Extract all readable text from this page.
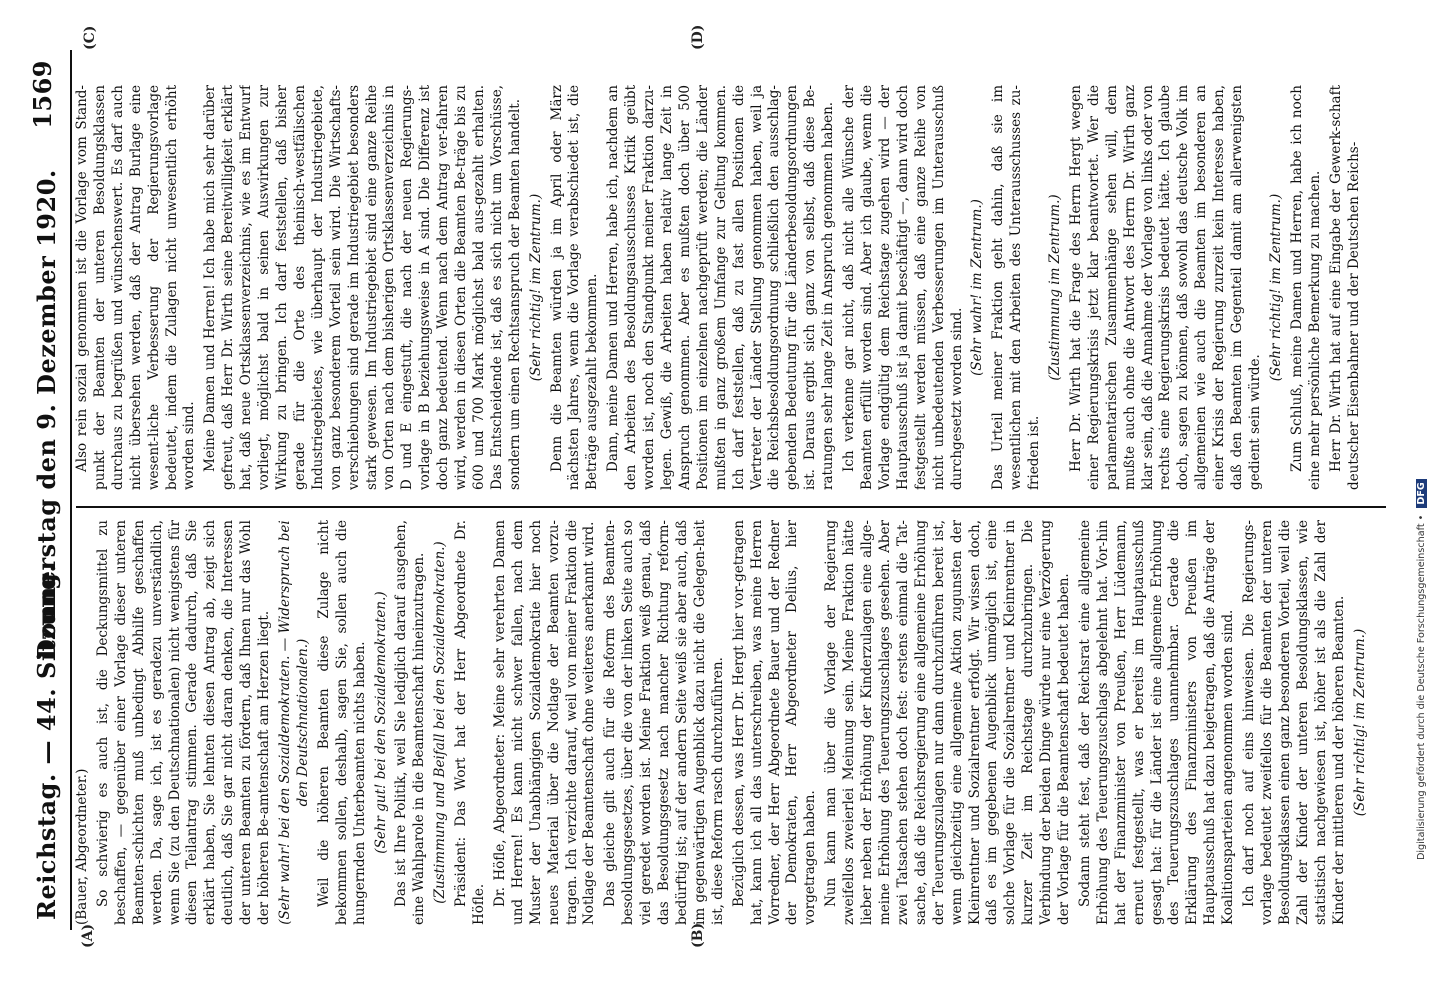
Reichstag. — 44. Sitzung.
Donnerstag den 9. Dezember 1920.
1569
(A)	(B)
(C)	(D)

(Bauer, Abgeordneter.) So schwierig es auch ist, die Deckungsmittel zu beschaffen, — gegenüber einer Vorlage dieser unteren Beamten-schichten muß unbedingt Abhilfe geschaffen werden. Da, sage ich, ist es geradezu unverständlich, wenn Sie (zu den Deutschnationalen) nicht wenigstens für diesen Teilantrag stimmen. Gerade dadurch, daß Sie erklärt haben, Sie lehnten diesen Antrag ab, zeigt sich deutlich, daß Sie gar nicht daran denken, die Interessen der unteren Beamten zu fördern, daß Ihnen nur das Wohl der höheren Be-amtenschaft am Herzen liegt. (Sehr wahr! bei den Sozialdemokraten. — Widerspruch bei den Deutschnationalen.) Weil die höheren Beamten diese Zulage nicht bekommen sollen, deshalb, sagen Sie, sollen auch die hungernden Unterbeamten nichts haben. (Sehr gut! bei den Sozialdemokraten.) Das ist Ihre Politik, weil Sie lediglich darauf ausgehen, eine Wahlparole in die Beamtenschaft hineinzutragen. (Zustimmung und Beifall bei den Sozialdemokraten.) Präsident: Das Wort hat der Herr Abgeordnete Dr. Höfle. Dr. Höfle, Abgeordneter: Meine sehr verehrten Damen und Herren! Es kann nicht schwer fallen, nach dem Muster der Unabhängigen Sozialdemokratie hier noch neues Material über die Notlage der Beamten vorzu-tragen. Ich verzichte darauf, weil von meiner Fraktion die Notlage der Beamtenschaft ohne weiteres anerkannt wird. Das gleiche gilt auch für die Reform des Beamten-besoldungsgesetzes, über die von der linken Seite auch so viel geredet worden ist. Meine Fraktion weiß genau, daß das Besoldungsgesetz nach mancher Richtung reform-bedürftig ist; auf der andern Seite weiß sie aber auch, daß im gegenwärtigen Augenblick dazu nicht die Gelegen-heit ist, diese Reform rasch durchzuführen. Bezüglich dessen, was Herr Dr. Hergt hier vor-getragen hat, kann ich all das unterschreiben, was meine Herren Vorredner, der Herr Abgeordnete Bauer und der Redner der Demokraten, Herr Abgeordneter Delius, hier vorgetragen haben. Nun kann man über die Vorlage der Regierung zweifellos zweierlei Meinung sein. Meine Fraktion hätte lieber neben der Erhöhung der Kinderzulagen eine allge-meine Erhöhung des Teuerungszuschlages gesehen. Aber zwei Tatsachen stehen doch fest: erstens einmal die Tat-sache, daß die Reichsregierung eine allgemeine Erhöhung der Teuerungszulagen nur dann durchzuführen bereit ist, wenn gleichzeitig eine allgemeine Aktion zugunsten der Kleinrentner und Sozialrentner erfolgt. Wir wissen doch, daß es im gegebenen Augenblick unmöglich ist, eine solche Vorlage für die Sozialrentner und Kleinrentner in kurzer Zeit im Reichstage durchzubringen. Die Verbindung der beiden Dinge würde nur eine Verzögerung der Vorlage für die Beamtenschaft bedeutet haben. Sodann steht fest, daß der Reichsrat eine allgemeine Erhöhung des Teuerungszuschlags abgelehnt hat. Vor-hin hat der Finanzminister von Preußen, Herr Lüdemann, erneut festgestellt, was er bereits im Hauptausschuß gesagt hat: für die Länder ist eine allgemeine Erhöhung des Teuerungszuschlages unannehmbar. Gerade die Erklärung des Finanzministers von Preußen im Hauptausschuß hat dazu beigetragen, daß die Anträge der Koalitionsparteien angenommen worden sind. Ich darf noch auf eins hinweisen. Die Regierungs-vorlage bedeutet zweifellos für die Beamten der unteren Besoldungsklassen einen ganz besonderen Vorteil, weil die Zahl der Kinder der unteren Besoldungsklassen, wie statistisch nachgewiesen ist, höher ist als die Zahl der Kinder der mittleren und der höheren Beamten. (Sehr richtig! im Zentrum.)

Also rein sozial genommen ist die Vorlage vom Stand-punkt der Beamten der unteren Besoldungsklassen durchaus zu begrüßen und wünschenswert. Es darf auch nicht übersehen werden, daß der Antrag Burlage eine wesent-liche Verbesserung der Regierungsvorlage bedeutet, indem die Zulagen nicht unwesentlich erhöht worden sind. Meine Damen und Herren! Ich habe mich sehr darüber gefreut, daß Herr Dr. Wirth seine Bereitwilligkeit erklärt hat, daß neue Ortsklassenverzeichnis, wie es im Entwurf vorliegt, möglichst bald in seinen Auswirkungen zur Wirkung zu bringen. Ich darf feststellen, daß bisher gerade für die Orte des theinisch-westfälischen Industriegebietes, wie überhaupt der Industriegebiete, von ganz besonderem Vorteil sein wird. Die Wirtschafts-verschiebungen sind gerade im Industriegebiet besonders stark gewesen. Im Industriegebiet sind eine ganze Reihe von Orten nach dem bisherigen Ortsklassenverzeichnis in D und E eingestuft, die nach der neuen Regierungs-vorlage in B beziehungsweise in A sind. Die Differenz ist doch ganz bedeutend. Wenn nach dem Antrag ver-fahren wird, werden in diesen Orten die Beamten Be-träge bis zu 600 und 700 Mark möglichst bald aus-gezahlt erhalten. Das Entscheidende ist, daß es sich nicht um Vorschüsse, sondern um einen Rechtsanspruch der Beamten handelt. (Sehr richtig! im Zentrum.) Denn die Beamten würden ja im April oder März nächsten Jahres, wenn die Vorlage verabschiedet ist, die Beträge ausgezahlt bekommen. Dann, meine Damen und Herren, habe ich, nachdem an den Arbeiten des Besoldungsausschusses Kritik geübt worden ist, noch den Standpunkt meiner Fraktion darzu-legen. Gewiß, die Arbeiten haben relativ lange Zeit in Anspruch genommen. Aber es mußten doch über 500 Positionen im einzelnen nachgeprüft werden; die Länder mußten in ganz großem Umfange zur Geltung kommen. Ich darf feststellen, daß zu fast allen Positionen die Vertreter der Länder Stellung genommen haben, weil ja die Reichsbesoldungsordnung schließlich den ausschlag-gebenden Bedeutung für die Länderbesoldungsordnungen ist. Daraus ergibt sich ganz von selbst, daß diese Be-ratungen sehr lange Zeit in Anspruch genommen haben. Ich verkenne gar nicht, daß nicht alle Wünsche der Beamten erfüllt worden sind. Aber ich glaube, wenn die Vorlage endgültig dem Reichstage zugehen wird — der Hauptausschuß ist ja damit beschäftigt —, dann wird doch festgestellt werden müssen, daß eine ganze Reihe von nicht unbedeutenden Verbesserungen im Unterausschuß durchgesetzt worden sind.

(Sehr wahr! im Zentrum.) Das Urteil meiner Fraktion geht dahin, daß sie im wesentlichen mit den Arbeiten des Unterausschusses zu-frieden ist.

(Zustimmung im Zentrum.) Herr Dr. Wirth hat die Frage des Herrn Hergt wegen einer Regierungskrisis jetzt klar beantwortet. Wer die parlamentarischen Zusammenhänge sehen will, dem mußte auch ohne die Antwort des Herrn Dr. Wirth ganz klar sein, daß die Annahme der Vorlage von links oder von rechts eine Regierungskrisis bedeutet hätte. Ich glaube doch, sagen zu können, daß sowohl das deutsche Volk im allgemeinen wie auch die Beamten im besonderen an einer Krisis der Regierung zurzeit kein Interesse haben, daß den Beamten im Gegenteil damit am allerwenigsten gedient sein würde.

(Sehr richtig! im Zentrum.) Zum Schluß, meine Damen und Herren, habe ich noch eine mehr persönliche Bemerkung zu machen. Herr Dr. Wirth hat auf eine Eingabe der Gewerk-schaft deutscher Eisenbahner und der Deutschen Reichs-

Digitalisierung gefördert durch die Deutsche Forschungsgemeinschaft • DFG
